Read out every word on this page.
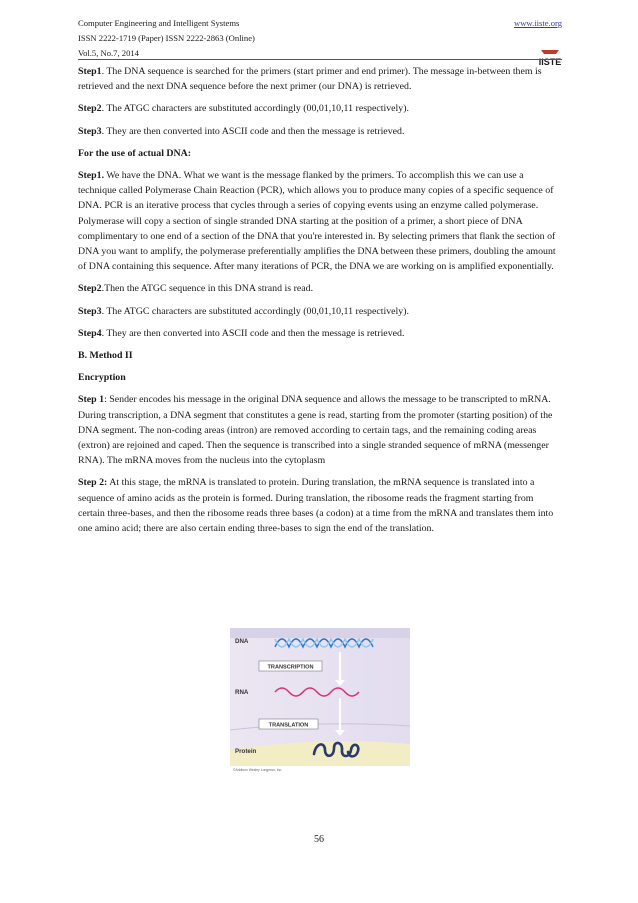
Computer Engineering and Intelligent Systems
ISSN 2222-1719 (Paper) ISSN 2222-2863 (Online)
Vol.5, No.7, 2014
www.iiste.org
IISTE

Step1. The DNA sequence is searched for the primers (start primer and end primer). The message in-between them is retrieved and the next DNA sequence before the next primer (our DNA) is retrieved.

Step2. The ATGC characters are substituted accordingly (00,01,10,11 respectively).

Step3. They are then converted into ASCII code and then the message is retrieved.

For the use of actual DNA:

Step1. We have the DNA. What we want is the message flanked by the primers. To accomplish this we can use a technique called Polymerase Chain Reaction (PCR), which allows you to produce many copies of a specific sequence of DNA. PCR is an iterative process that cycles through a series of copying events using an enzyme called polymerase. Polymerase will copy a section of single stranded DNA starting at the position of a primer, a short piece of DNA complimentary to one end of a section of the DNA that you're interested in. By selecting primers that flank the section of DNA you want to amplify, the polymerase preferentially amplifies the DNA between these primers, doubling the amount of DNA containing this sequence. After many iterations of PCR, the DNA we are working on is amplified exponentially.

Step2.Then the ATGC sequence in this DNA strand is read.

Step3. The ATGC characters are substituted accordingly (00,01,10,11 respectively).

Step4. They are then converted into ASCII code and then the message is retrieved.

B. Method II

Encryption

Step 1: Sender encodes his message in the original DNA sequence and allows the message to be transcripted to mRNA. During transcription, a DNA segment that constitutes a gene is read, starting from the promoter (starting position) of the DNA segment. The non-coding areas (intron) are removed according to certain tags, and the remaining coding areas (extron) are rejoined and caped. Then the sequence is transcribed into a single stranded sequence of mRNA (messenger RNA). The mRNA moves from the nucleus into the cytoplasm

Step 2: At this stage, the mRNA is translated to protein. During translation, the mRNA sequence is translated into a sequence of amino acids as the protein is formed. During translation, the ribosome reads the fragment starting from certain three-bases, and then the ribosome reads three bases (a codon) at a time from the mRNA and translates them into one amino acid; there are also certain ending three-bases to sign the end of the translation.

DNA
TRANSCRIPTION
RNA
TRANSLATION
Protein
©Addison Wesley Longman, Inc.
56
